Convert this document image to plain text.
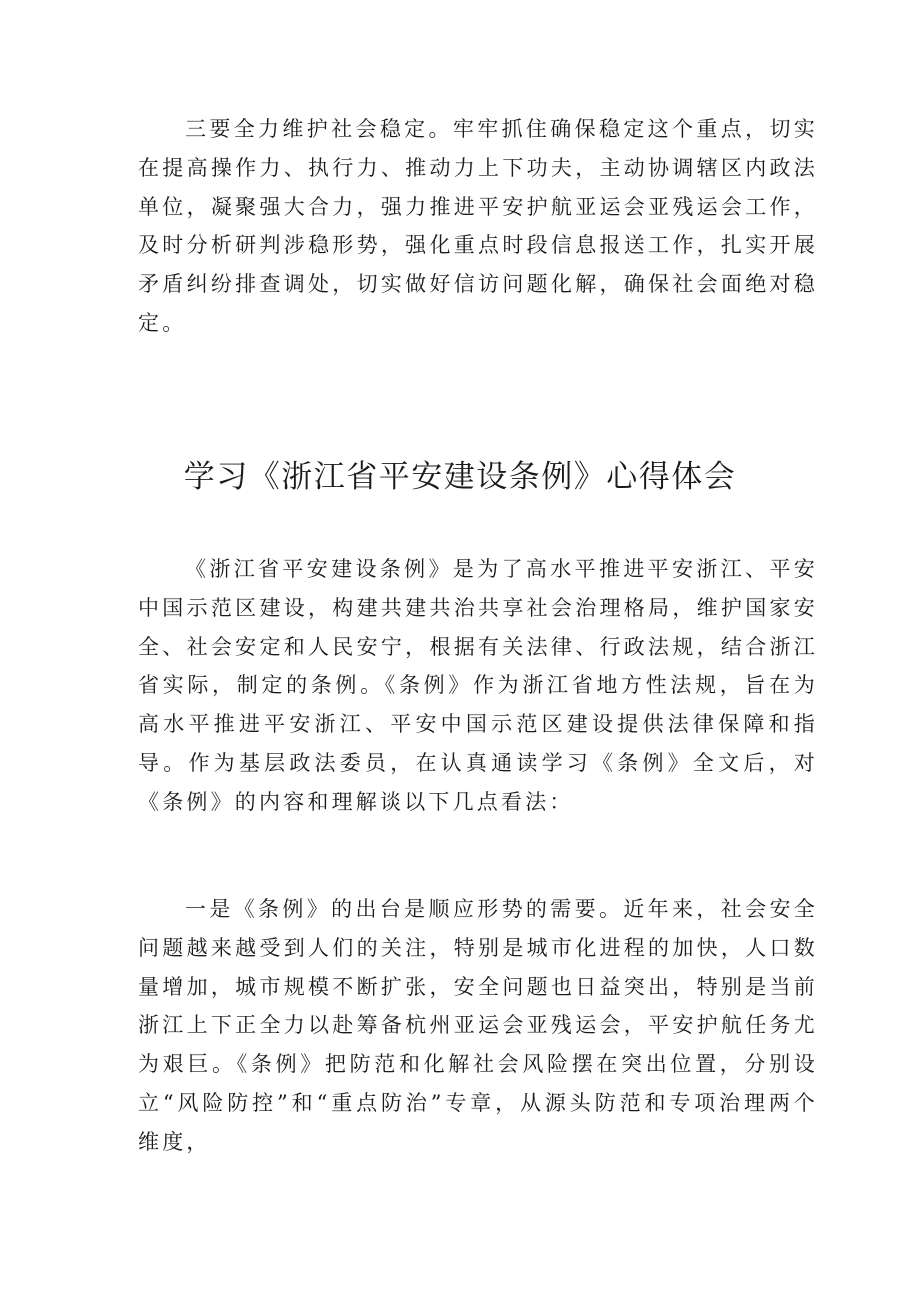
三要全力维护社会稳定。牢牢抓住确保稳定这个重点，切实在提高操作力、执行力、推动力上下功夫，主动协调辖区内政法单位，凝聚强大合力，强力推进平安护航亚运会亚残运会工作，及时分析研判涉稳形势，强化重点时段信息报送工作，扎实开展矛盾纠纷排查调处，切实做好信访问题化解，确保社会面绝对稳定。

学习《浙江省平安建设条例》心得体会

《浙江省平安建设条例》是为了高水平推进平安浙江、平安中国示范区建设，构建共建共治共享社会治理格局，维护国家安全、社会安定和人民安宁，根据有关法律、行政法规，结合浙江省实际，制定的条例。《条例》作为浙江省地方性法规，旨在为高水平推进平安浙江、平安中国示范区建设提供法律保障和指导。作为基层政法委员，在认真通读学习《条例》全文后，对《条例》的内容和理解谈以下几点看法：

一是《条例》的出台是顺应形势的需要。近年来，社会安全问题越来越受到人们的关注，特别是城市化进程的加快，人口数量增加，城市规模不断扩张，安全问题也日益突出，特别是当前浙江上下正全力以赴筹备杭州亚运会亚残运会，平安护航任务尤为艰巨。《条例》把防范和化解社会风险摆在突出位置，分别设立“风险防控”和“重点防治”专章，从源头防范和专项治理两个维度，
